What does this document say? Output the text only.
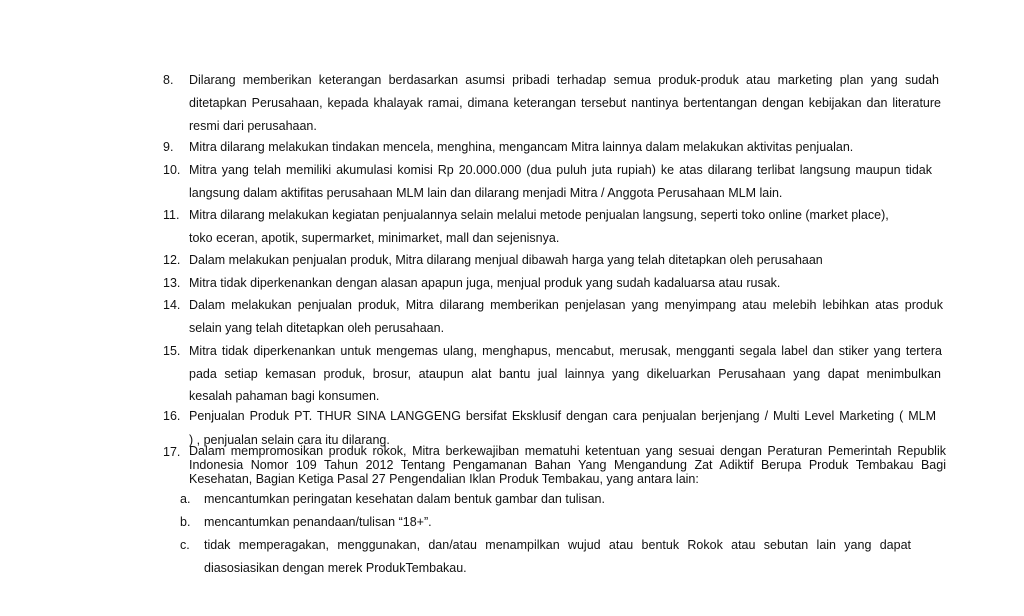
8. Dilarang memberikan keterangan berdasarkan asumsi pribadi terhadap semua produk-produk atau marketing plan yang sudah
ditetapkan Perusahaan, kepada khalayak ramai, dimana keterangan tersebut nantinya bertentangan dengan kebijakan dan literature
resmi dari perusahaan.
9. Mitra dilarang melakukan tindakan mencela, menghina, mengancam Mitra lainnya dalam melakukan aktivitas penjualan.
10. Mitra yang telah memiliki akumulasi komisi Rp 20.000.000 (dua puluh juta rupiah) ke atas dilarang terlibat langsung maupun tidak
langsung dalam aktifitas perusahaan MLM lain dan dilarang menjadi Mitra / Anggota Perusahaan MLM lain.
11. Mitra dilarang melakukan kegiatan penjualannya selain melalui metode penjualan langsung, seperti toko online (market place),
toko eceran, apotik, supermarket, minimarket, mall dan sejenisnya.
12. Dalam melakukan penjualan produk, Mitra dilarang menjual dibawah harga yang telah ditetapkan oleh perusahaan
13. Mitra tidak diperkenankan dengan alasan apapun juga, menjual produk yang sudah kadaluarsa atau rusak.
14. Dalam melakukan penjualan produk, Mitra dilarang memberikan penjelasan yang menyimpang atau melebih lebihkan atas produk
selain yang telah ditetapkan oleh perusahaan.
15. Mitra tidak diperkenankan untuk mengemas ulang, menghapus, mencabut, merusak, mengganti segala label dan stiker yang tertera
pada setiap kemasan produk, brosur, ataupun alat bantu jual lainnya yang dikeluarkan Perusahaan yang dapat menimbulkan
kesalah pahaman bagi konsumen.
16. Penjualan Produk PT. THUR SINA LANGGENG bersifat Eksklusif dengan cara penjualan berjenjang / Multi Level Marketing ( MLM
) , penjualan selain cara itu dilarang.
17. Dalam mempromosikan produk rokok, Mitra berkewajiban mematuhi ketentuan yang sesuai dengan Peraturan Pemerintah Republik
Indonesia Nomor 109 Tahun 2012 Tentang Pengamanan Bahan Yang Mengandung Zat Adiktif Berupa Produk Tembakau Bagi
Kesehatan, Bagian Ketiga Pasal 27 Pengendalian Iklan Produk Tembakau, yang antara lain:
a. mencantumkan peringatan kesehatan dalam bentuk gambar dan tulisan.
b. mencantumkan penandaan/tulisan “18+”.
c. tidak memperagakan, menggunakan, dan/atau menampilkan wujud atau bentuk Rokok atau sebutan lain yang dapat
diasosiasikan dengan merek ProdukTembakau.
